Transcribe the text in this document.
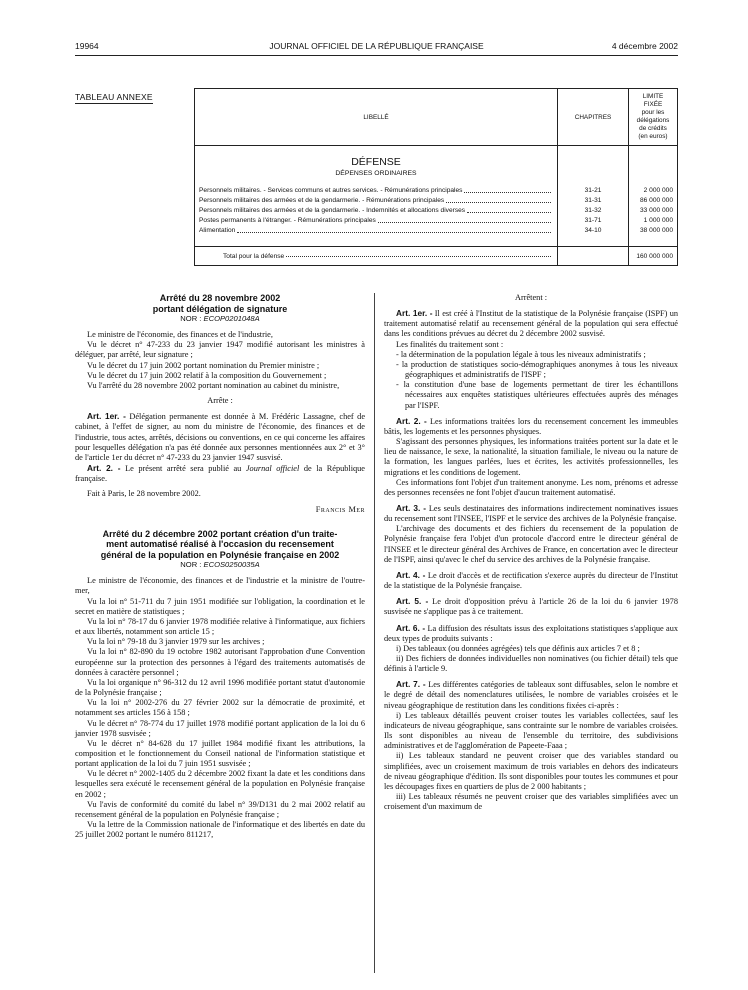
19964	JOURNAL OFFICIEL DE LA RÉPUBLIQUE FRANÇAISE	4 décembre 2002
TABLEAU ANNEXE
LIBELLÉ	CHAPITRES	LIMITE FIXÉE
pour les
délégations
de crédits
(en euros)

DÉFENSE
DÉPENSES ORDINAIRES		

Personnels militaires. - Services communs et autres services. - Rémunérations principales	31-21	2 000 000

Personnels militaires des armées et de la gendarmerie. - Rémunérations principales	31-31	86 000 000

Personnels militaires des armées et de la gendarmerie. - Indemnités et allocations diverses	31-32	33 000 000

Postes permanents à l'étranger. - Rémunérations principales	31-71	1 000 000

Alimentation	34-10	38 000 000

Total pour la défense		160 000 000

Arrêté du 28 novembre 2002

portant délégation de signature

NOR : ECOP0201048A

Le ministre de l'économie, des finances et de l'industrie,

Vu le décret n° 47-233 du 23 janvier 1947 modifié autorisant les ministres à déléguer, par arrêté, leur signature ;

Vu le décret du 17 juin 2002 portant nomination du Premier ministre ;

Vu le décret du 17 juin 2002 relatif à la composition du Gouvernement ;

Vu l'arrêté du 28 novembre 2002 portant nomination au cabinet du ministre,

Arrête :

Art. 1er. - Délégation permanente est donnée à M. Frédéric Lassagne, chef de cabinet, à l'effet de signer, au nom du ministre de l'économie, des finances et de l'industrie, tous actes, arrêtés, décisions ou conventions, en ce qui concerne les affaires pour lesquelles délégation n'a pas été donnée aux personnes mentionnées aux 2° et 3° de l'article 1er du décret n° 47-233 du 23 janvier 1947 susvisé.

Art. 2. - Le présent arrêté sera publié au Journal officiel de la République française.

Fait à Paris, le 28 novembre 2002.

Francis Mer

Arrêté du 2 décembre 2002 portant création d'un traite-

ment automatisé réalisé à l'occasion du recensement

général de la population en Polynésie française en 2002

NOR : ECOS0250035A

Le ministre de l'économie, des finances et de l'industrie et la ministre de l'outre-mer,

Vu la loi n° 51-711 du 7 juin 1951 modifiée sur l'obligation, la coordination et le secret en matière de statistiques ;

Vu la loi n° 78-17 du 6 janvier 1978 modifiée relative à l'informatique, aux fichiers et aux libertés, notamment son article 15 ;

Vu la loi n° 79-18 du 3 janvier 1979 sur les archives ;

Vu la loi n° 82-890 du 19 octobre 1982 autorisant l'approbation d'une Convention européenne sur la protection des personnes à l'égard des traitements automatisés de données à caractère personnel ;

Vu la loi organique n° 96-312 du 12 avril 1996 modifiée portant statut d'autonomie de la Polynésie française ;

Vu la loi n° 2002-276 du 27 février 2002 sur la démocratie de proximité, et notamment ses articles 156 à 158 ;

Vu le décret n° 78-774 du 17 juillet 1978 modifié portant application de la loi du 6 janvier 1978 susvisée ;

Vu le décret n° 84-628 du 17 juillet 1984 modifié fixant les attributions, la composition et le fonctionnement du Conseil national de l'information statistique et portant application de la loi du 7 juin 1951 susvisée ;

Vu le décret n° 2002-1405 du 2 décembre 2002 fixant la date et les conditions dans lesquelles sera exécuté le recensement général de la population en Polynésie française en 2002 ;

Vu l'avis de conformité du comité du label n° 39/D131 du 2 mai 2002 relatif au recensement général de la population en Polynésie française ;

Vu la lettre de la Commission nationale de l'informatique et des libertés en date du 25 juillet 2002 portant le numéro 811217,

Arrêtent :

Art. 1er. - Il est créé à l'Institut de la statistique de la Polynésie française (ISPF) un traitement automatisé relatif au recensement général de la population qui sera effectué dans les conditions prévues au décret du 2 décembre 2002 susvisé.

Les finalités du traitement sont :

- la détermination de la population légale à tous les niveaux administratifs ;

- la production de statistiques socio-démographiques anonymes à tous les niveaux géographiques et administratifs de l'ISPF ;

- la constitution d'une base de logements permettant de tirer les échantillons nécessaires aux enquêtes statistiques ultérieures effectuées auprès des ménages par l'ISPF.

Art. 2. - Les informations traitées lors du recensement concernent les immeubles bâtis, les logements et les personnes physiques.

S'agissant des personnes physiques, les informations traitées portent sur la date et le lieu de naissance, le sexe, la nationalité, la situation familiale, le niveau ou la nature de la formation, les langues parlées, lues et écrites, les activités professionnelles, les migrations et les conditions de logement.

Ces informations font l'objet d'un traitement anonyme. Les nom, prénoms et adresse des personnes recensées ne font l'objet d'aucun traitement automatisé.

Art. 3. - Les seuls destinataires des informations indirectement nominatives issues du recensement sont l'INSEE, l'ISPF et le service des archives de la Polynésie française.

L'archivage des documents et des fichiers du recensement de la population de Polynésie française fera l'objet d'un protocole d'accord entre le directeur général de l'INSEE et le directeur général des Archives de France, en concertation avec le directeur de l'ISPF, ainsi qu'avec le chef du service des archives de la Polynésie française.

Art. 4. - Le droit d'accès et de rectification s'exerce auprès du directeur de l'Institut de la statistique de la Polynésie française.

Art. 5. - Le droit d'opposition prévu à l'article 26 de la loi du 6 janvier 1978 susvisée ne s'applique pas à ce traitement.

Art. 6. - La diffusion des résultats issus des exploitations statistiques s'applique aux deux types de produits suivants :

i) Des tableaux (ou données agrégées) tels que définis aux articles 7 et 8 ;

ii) Des fichiers de données individuelles non nominatives (ou fichier détail) tels que définis à l'article 9.

Art. 7. - Les différentes catégories de tableaux sont diffusables, selon le nombre et le degré de détail des nomenclatures utilisées, le nombre de variables croisées et le niveau géographique de restitution dans les conditions fixées ci-après :

i) Les tableaux détaillés peuvent croiser toutes les variables collectées, sauf les indicateurs de niveau géographique, sans contrainte sur le nombre de variables croisées. Ils sont disponibles au niveau de l'ensemble du territoire, des subdivisions administratives et de l'agglomération de Papeete-Faaa ;

ii) Les tableaux standard ne peuvent croiser que des variables standard ou simplifiées, avec un croisement maximum de trois variables en dehors des indicateurs de niveau géographique d'édition. Ils sont disponibles pour toutes les communes et pour les découpages fixes en quartiers de plus de 2 000 habitants ;

iii) Les tableaux résumés ne peuvent croiser que des variables simplifiées avec un croisement d'un maximum de
